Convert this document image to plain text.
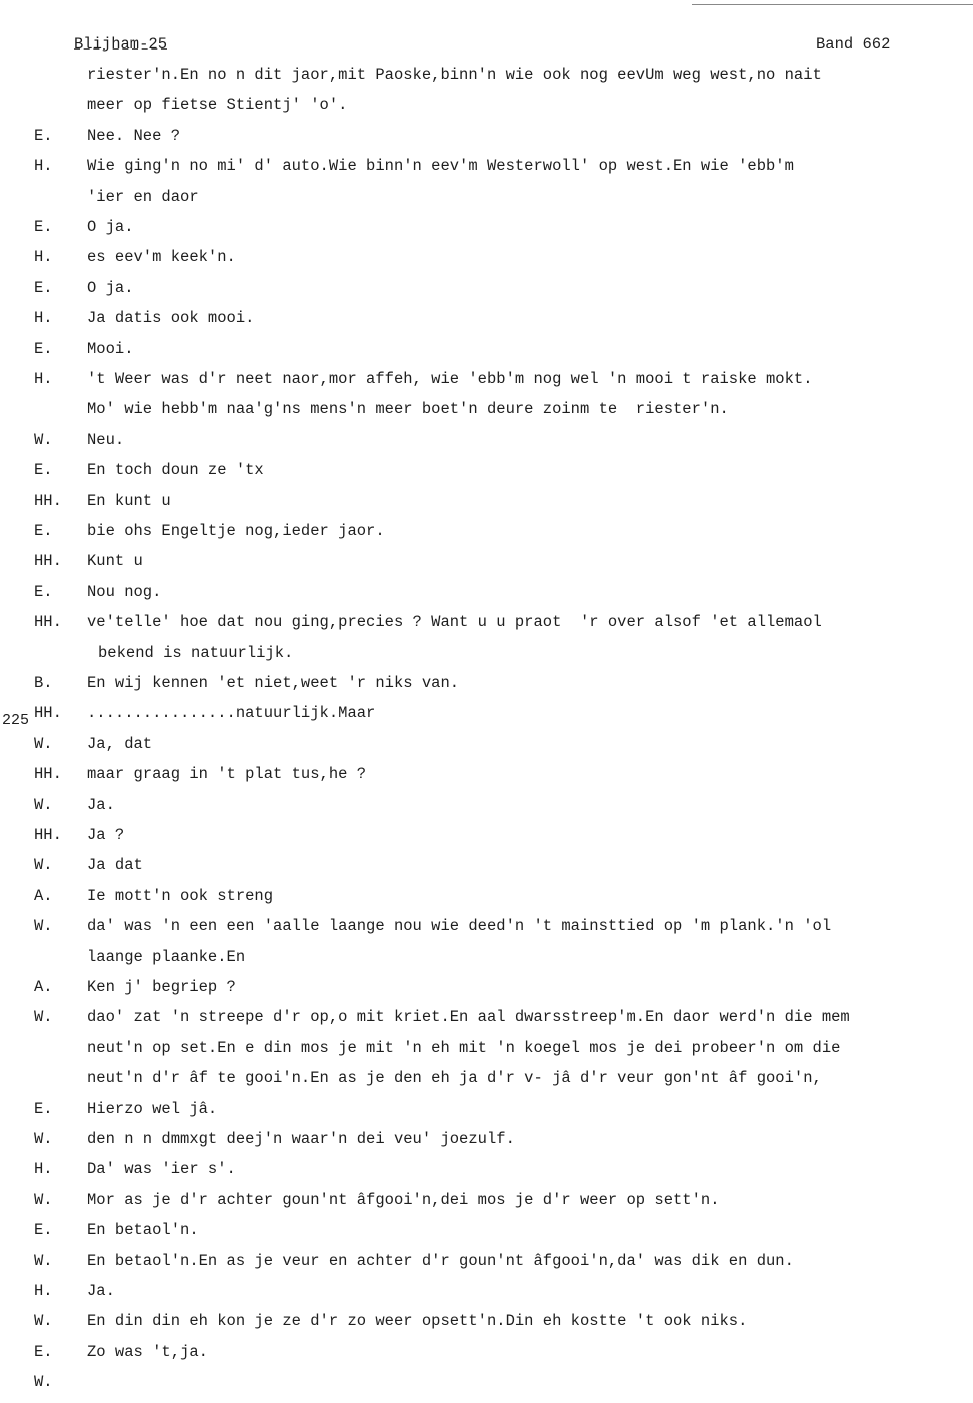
Blijham-25	Band 662
225
riester'n.En no n dit jaor,mit Paoske,binn'n wie ook nog eevUm weg west,no nait
meer op fietse Stientj' 'o'.
E. Nee. Nee ?
H. Wie ging'n no mi' d' auto.Wie binn'n eev'm Westerwoll' op west.En wie 'ebb'm
'ier en daor
E. O ja.
H. es eev'm keek'n.
E. O ja.
H. Ja datis ook mooi.
E. Mooi.
H. 't Weer was d'r neet naor,mor affeh, wie 'ebb'm nog wel 'n mooi t raiske mokt.
Mo' wie hebb'm naa'g'ns mens'n meer boet'n deure zoinm te  riester'n.
W. Neu.
E. En toch doun ze 'tx
HH. En kunt u
E. bie ohs Engeltje nog,ieder jaor.
HH. Kunt u
E. Nou nog.
HH. ve'telle' hoe dat nou ging,precies ? Want u u praot  'r over alsof 'et allemaol
bekend is natuurlijk.
B. En wij kennen 'et niet,weet 'r niks van.
HH. ................natuurlijk.Maar
W. Ja, dat
HH. maar graag in 't plat tus,he ?
W. Ja.
HH. Ja ?
W. Ja dat
A. Ie mott'n ook streng
W. da' was 'n een een 'aalle laange nou wie deed'n 't mainsttied op 'm plank.'n 'ol
laange plaanke.En
A. Ken j' begriep ?
W. dao' zat 'n streepe d'r op,o mit kriet.En aal dwarsstreep'm.En daor werd'n die mem
neut'n op set.En e din mos je mit 'n eh mit 'n koegel mos je dei probeer'n om die
neut'n d'r âf te gooi'n.En as je den eh ja d'r v- jâ d'r veur gon'nt âf gooi'n,
E. Hierzo wel jâ.
W. den n n dmmxgt deej'n waar'n dei veu' joezulf.
H. Da' was 'ier s'.
W. Mor as je d'r achter goun'nt âfgooi'n,dei mos je d'r weer op sett'n.
E. En betaol'n.
W. En betaol'n.En as je veur en achter d'r goun'nt âfgooi'n,da' was dik en dun.
H. Ja.
W. En din din eh kon je ze d'r zo weer opsett'n.Din eh kostte 't ook niks.
E. Zo was 't,ja.
W.
